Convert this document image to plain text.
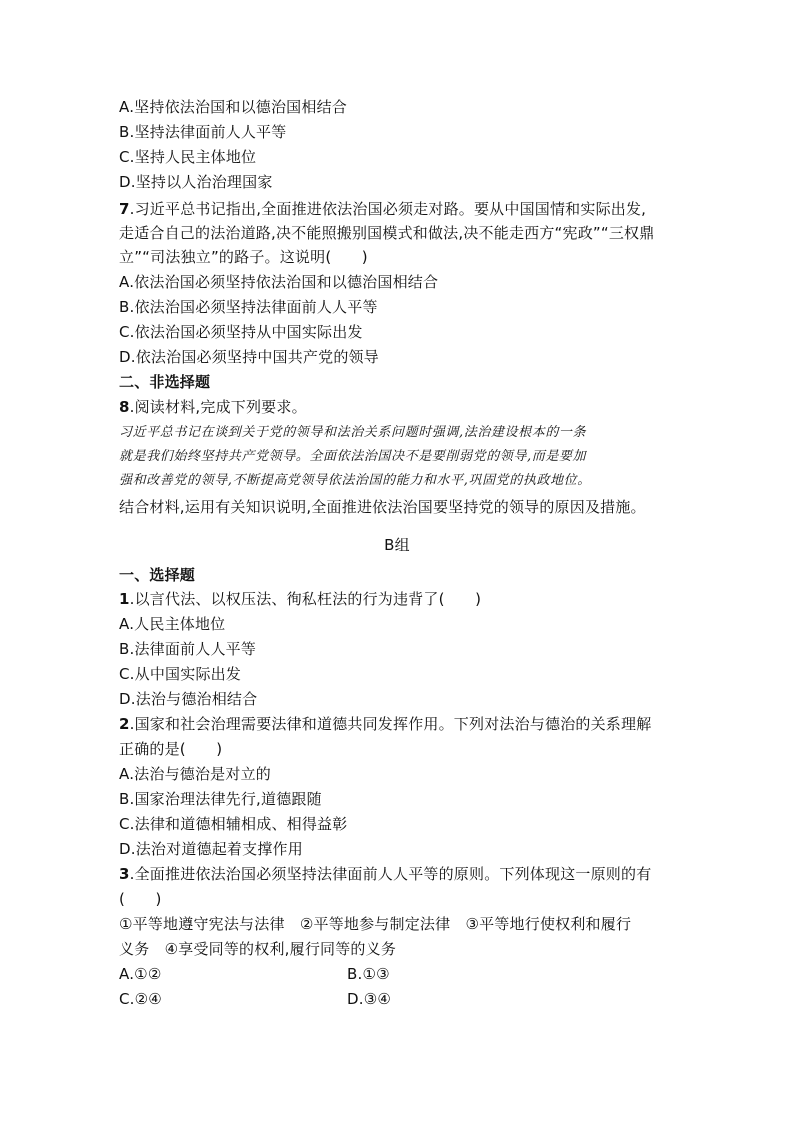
A.坚持依法治国和以德治国相结合
B.坚持法律面前人人平等
C.坚持人民主体地位
D.坚持以人治治理国家
7.习近平总书记指出,全面推进依法治国必须走对路。要从中国国情和实际出发,
走适合自己的法治道路,决不能照搬别国模式和做法,决不能走西方“宪政”“三权鼎
立”“司法独立”的路子。这说明(　　)
A.依法治国必须坚持依法治国和以德治国相结合
B.依法治国必须坚持法律面前人人平等
C.依法治国必须坚持从中国实际出发
D.依法治国必须坚持中国共产党的领导
二、非选择题
8.阅读材料,完成下列要求。
习近平总书记在谈到关于党的领导和法治关系问题时强调,法治建设根本的一条
就是我们始终坚持共产党领导。全面依法治国决不是要削弱党的领导,而是要加
强和改善党的领导,不断提高党领导依法治国的能力和水平,巩固党的执政地位。
结合材料,运用有关知识说明,全面推进依法治国要坚持党的领导的原因及措施。
B组
一、选择题
1.以言代法、以权压法、徇私枉法的行为违背了(　　)
A.人民主体地位
B.法律面前人人平等
C.从中国实际出发
D.法治与德治相结合
2.国家和社会治理需要法律和道德共同发挥作用。下列对法治与德治的关系理解
正确的是(　　)
A.法治与德治是对立的
B.国家治理法律先行,道德跟随
C.法律和道德相辅相成、相得益彰
D.法治对道德起着支撑作用
3.全面推进依法治国必须坚持法律面前人人平等的原则。下列体现这一原则的有
(　　)
①平等地遵守宪法与法律　②平等地参与制定法律　③平等地行使权利和履行
义务　④享受同等的权利,履行同等的义务
A.①②	B.①③
C.②④	D.③④
